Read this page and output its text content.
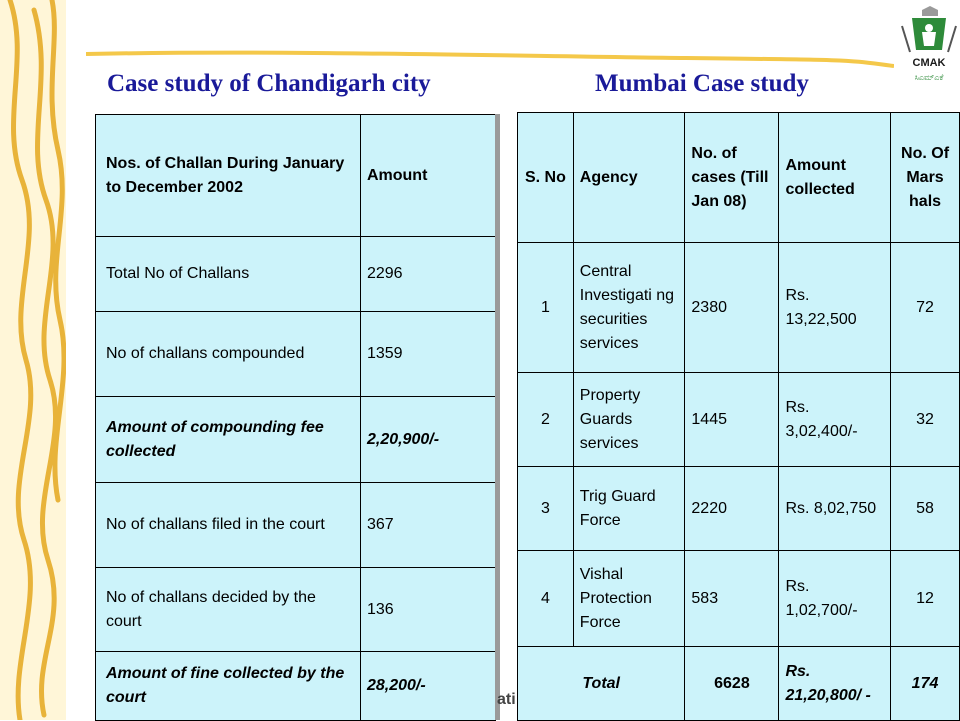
CMAK
ಸಿಎಮ್ಎಕೆ
Case study of Chandigarh city	Mumbai Case study
Nos. of Challan During January to December 2002	Amount
Total No of Challans	2296
No of challans compounded	1359
Amount of compounding fee collected	2,20,900/-
No of challans filed in the court	367
No of challans decided by the court	136
Amount of fine collected by the court	28,200/-
S. No	Agency	No. of cases (Till Jan 08)	Amount collected	No. Of Mars hals
1	Central Investigati ng securities services	2380	Rs. 13,22,500	72
2	Property Guards services	1445	Rs. 3,02,400/-	32
3	Trig Guard Force	2220	Rs. 8,02,750	58
4	Vishal Protection Force	583	Rs. 1,02,700/-	12
Total		6628	Rs. 21,20,800/ -	174
ati
